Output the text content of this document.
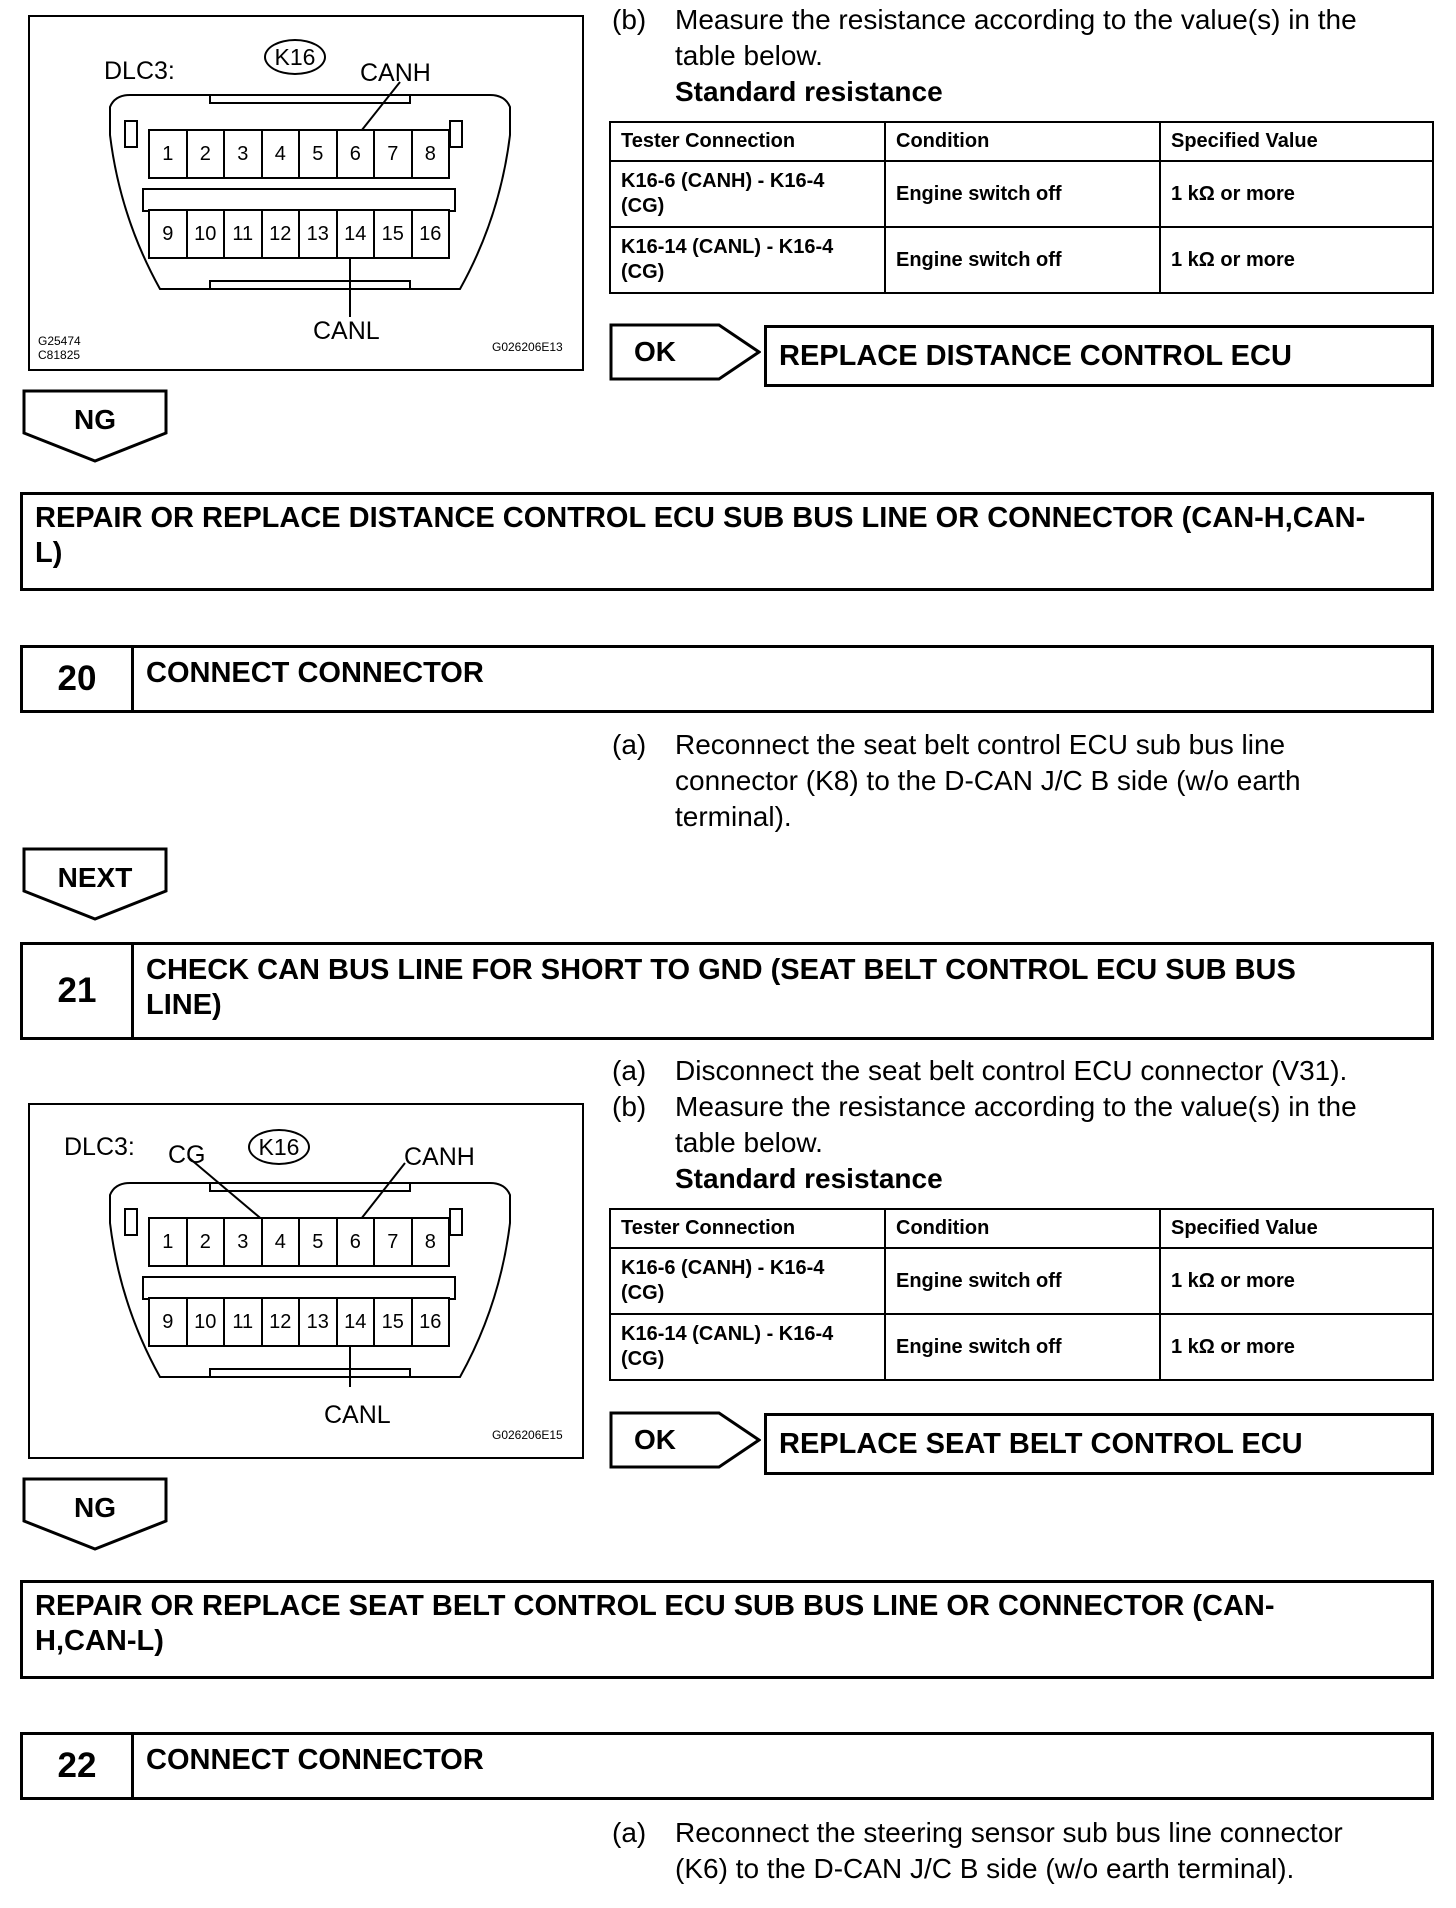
DLC3:	K16
CANH
1	2	3	4	5	6	7	8
9	10 11 12 13 14 15 16
CANL
G25474
C81825
G026206E13
(b) Measure the resistance according to the value(s) in the
table below.
Standard resistance
Tester Connection	Condition	Specified Value

K16-6 (CANH) - K16-4
(CG)	Engine switch off	1 kΩ or more

K16-14 (CANL) - K16-4
(CG)	Engine switch off	1 kΩ or more
OK	REPLACE DISTANCE CONTROL ECU
NG
REPAIR OR REPLACE DISTANCE CONTROL ECU SUB BUS LINE OR CONNECTOR (CAN-H,CAN-
L)
20	CONNECT CONNECTOR
(a) Reconnect the seat belt control ECU sub bus line
connector (K8) to the D-CAN J/C B side (w/o earth
terminal).
NEXT
21
CHECK CAN BUS LINE FOR SHORT TO GND (SEAT BELT CONTROL ECU SUB BUS
LINE)
(a) Disconnect the seat belt control ECU connector (V31).
(b) Measure the resistance according to the value(s) in the
table below.
Standard resistance
DLC3: CG	K16	CANH
1	2	3	4	5	6	7	8
9	10 11 12 13 14 15 16
CANL
G026206E15
Tester Connection	Condition	Specified Value

K16-6 (CANH) - K16-4
(CG)	Engine switch off	1 kΩ or more

K16-14 (CANL) - K16-4
(CG)	Engine switch off	1 kΩ or more
OK	REPLACE SEAT BELT CONTROL ECU
NG
REPAIR OR REPLACE SEAT BELT CONTROL ECU SUB BUS LINE OR CONNECTOR (CAN-
H,CAN-L)
22	CONNECT CONNECTOR
(a) Reconnect the steering sensor sub bus line connector
(K6) to the D-CAN J/C B side (w/o earth terminal).
